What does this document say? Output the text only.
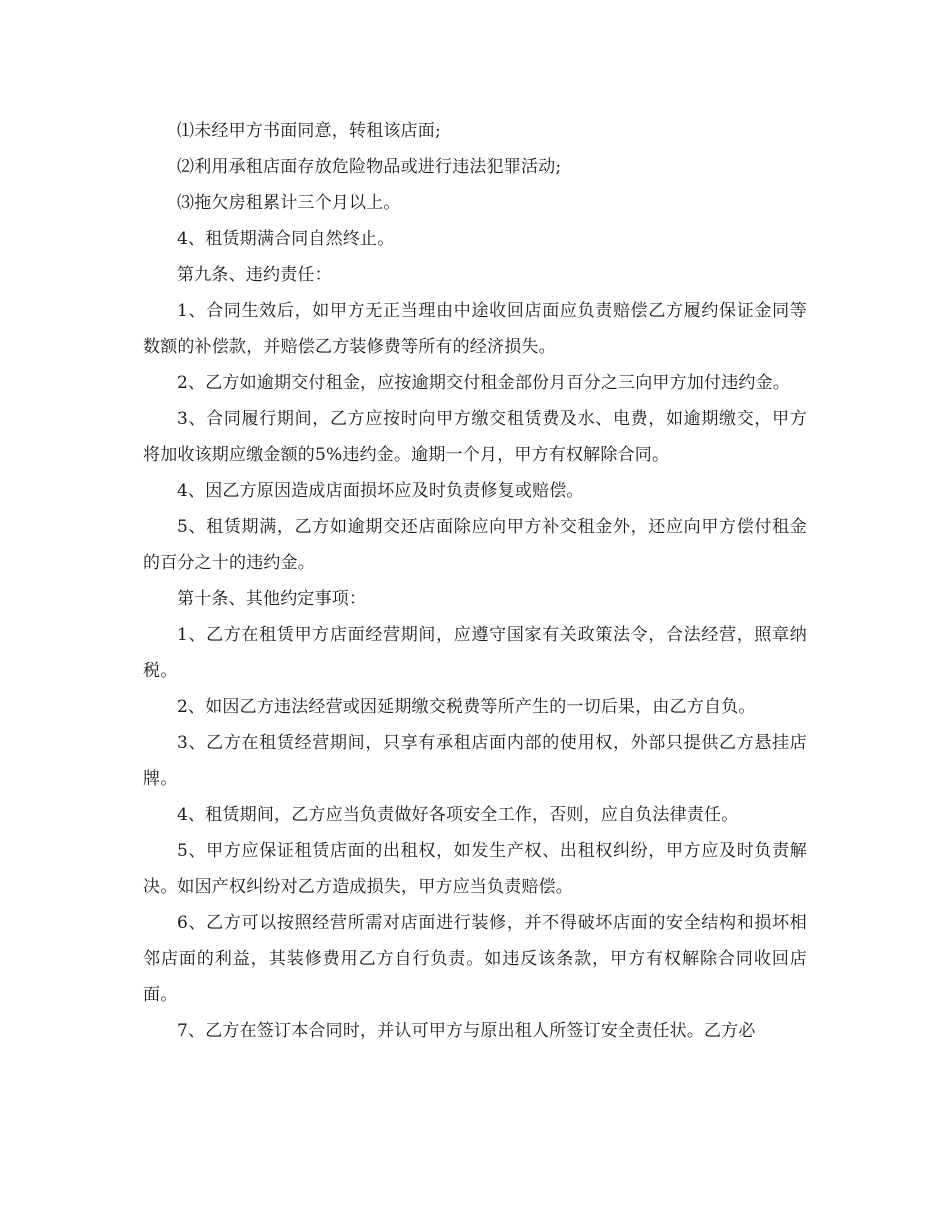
⑴未经甲方书面同意，转租该店面;

⑵利用承租店面存放危险物品或进行违法犯罪活动;

⑶拖欠房租累计三个月以上。

4、租赁期满合同自然终止。

第九条、违约责任：

1、合同生效后，如甲方无正当理由中途收回店面应负责赔偿乙方履约保证金同等数额的补偿款，并赔偿乙方装修费等所有的经济损失。

2、乙方如逾期交付租金，应按逾期交付租金部份月百分之三向甲方加付违约金。

3、合同履行期间，乙方应按时向甲方缴交租赁费及水、电费，如逾期缴交，甲方将加收该期应缴金额的5%违约金。逾期一个月，甲方有权解除合同。

4、因乙方原因造成店面损坏应及时负责修复或赔偿。

5、租赁期满，乙方如逾期交还店面除应向甲方补交租金外，还应向甲方偿付租金的百分之十的违约金。

第十条、其他约定事项：

1、乙方在租赁甲方店面经营期间，应遵守国家有关政策法令，合法经营，照章纳税。

2、如因乙方违法经营或因延期缴交税费等所产生的一切后果，由乙方自负。

3、乙方在租赁经营期间，只享有承租店面内部的使用权，外部只提供乙方悬挂店牌。

4、租赁期间，乙方应当负责做好各项安全工作，否则，应自负法律责任。

5、甲方应保证租赁店面的出租权，如发生产权、出租权纠纷，甲方应及时负责解决。如因产权纠纷对乙方造成损失，甲方应当负责赔偿。

6、乙方可以按照经营所需对店面进行装修，并不得破坏店面的安全结构和损坏相邻店面的利益，其装修费用乙方自行负责。如违反该条款，甲方有权解除合同收回店面。

7、乙方在签订本合同时，并认可甲方与原出租人所签订安全责任状。乙方必
